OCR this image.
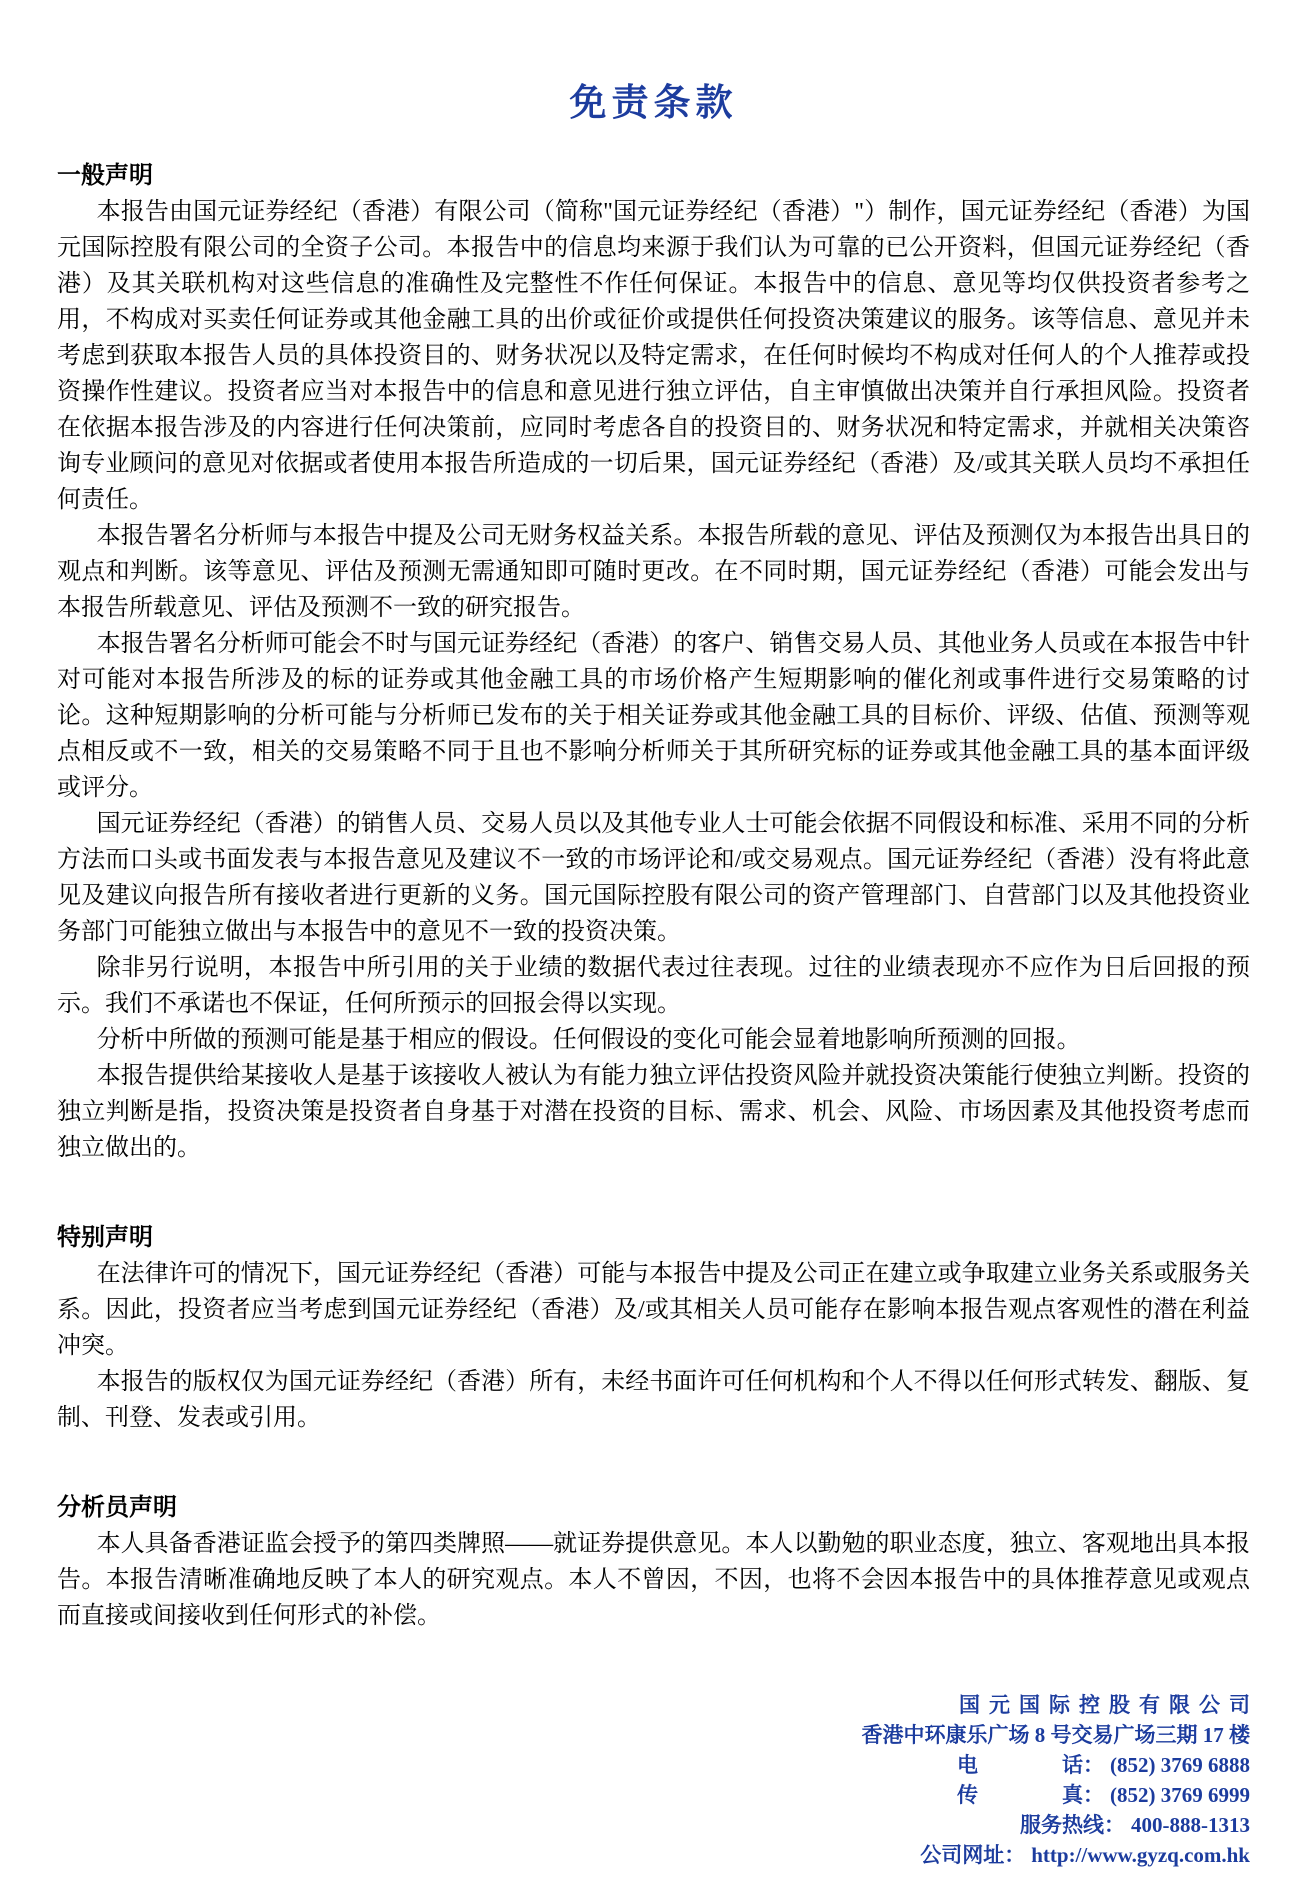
免责条款
一般声明

本报告由国元证券经纪（香港）有限公司（简称"国元证券经纪（香港）"）制作，国元证券经纪（香港）为国元国际控股有限公司的全资子公司。本报告中的信息均来源于我们认为可靠的已公开资料，但国元证券经纪（香港）及其关联机构对这些信息的准确性及完整性不作任何保证。本报告中的信息、意见等均仅供投资者参考之用，不构成对买卖任何证券或其他金融工具的出价或征价或提供任何投资决策建议的服务。该等信息、意见并未考虑到获取本报告人员的具体投资目的、财务状况以及特定需求，在任何时候均不构成对任何人的个人推荐或投资操作性建议。投资者应当对本报告中的信息和意见进行独立评估，自主审慎做出决策并自行承担风险。投资者在依据本报告涉及的内容进行任何决策前，应同时考虑各自的投资目的、财务状况和特定需求，并就相关决策咨询专业顾问的意见对依据或者使用本报告所造成的一切后果，国元证券经纪（香港）及/或其关联人员均不承担任何责任。

本报告署名分析师与本报告中提及公司无财务权益关系。本报告所载的意见、评估及预测仅为本报告出具日的观点和判断。该等意见、评估及预测无需通知即可随时更改。在不同时期，国元证券经纪（香港）可能会发出与本报告所载意见、评估及预测不一致的研究报告。

本报告署名分析师可能会不时与国元证券经纪（香港）的客户、销售交易人员、其他业务人员或在本报告中针对可能对本报告所涉及的标的证券或其他金融工具的市场价格产生短期影响的催化剂或事件进行交易策略的讨论。这种短期影响的分析可能与分析师已发布的关于相关证券或其他金融工具的目标价、评级、估值、预测等观点相反或不一致，相关的交易策略不同于且也不影响分析师关于其所研究标的证券或其他金融工具的基本面评级或评分。

国元证券经纪（香港）的销售人员、交易人员以及其他专业人士可能会依据不同假设和标准、采用不同的分析方法而口头或书面发表与本报告意见及建议不一致的市场评论和/或交易观点。国元证券经纪（香港）没有将此意见及建议向报告所有接收者进行更新的义务。国元国际控股有限公司的资产管理部门、自营部门以及其他投资业务部门可能独立做出与本报告中的意见不一致的投资决策。

除非另行说明，本报告中所引用的关于业绩的数据代表过往表现。过往的业绩表现亦不应作为日后回报的预示。我们不承诺也不保证，任何所预示的回报会得以实现。

分析中所做的预测可能是基于相应的假设。任何假设的变化可能会显着地影响所预测的回报。

本报告提供给某接收人是基于该接收人被认为有能力独立评估投资风险并就投资决策能行使独立判断。投资的独立判断是指，投资决策是投资者自身基于对潜在投资的目标、需求、机会、风险、市场因素及其他投资考虑而独立做出的。

特别声明

在法律许可的情况下，国元证券经纪（香港）可能与本报告中提及公司正在建立或争取建立业务关系或服务关系。因此，投资者应当考虑到国元证券经纪（香港）及/或其相关人员可能存在影响本报告观点客观性的潜在利益冲突。

本报告的版权仅为国元证券经纪（香港）所有，未经书面许可任何机构和个人不得以任何形式转发、翻版、复制、刊登、发表或引用。

分析员声明

本人具备香港证监会授予的第四类牌照——就证券提供意见。本人以勤勉的职业态度，独立、客观地出具本报告。本报告清晰准确地反映了本人的研究观点。本人不曾因，不因，也将不会因本报告中的具体推荐意见或观点而直接或间接收到任何形式的补偿。

国元国际控股有限公司
香港中环康乐广场 8 号交易广场三期 17 楼
电　　　　话： (852) 3769 6888
传　　　　真： (852) 3769 6999
服务热线： 400-888-1313
公司网址： http://www.gyzq.com.hk
